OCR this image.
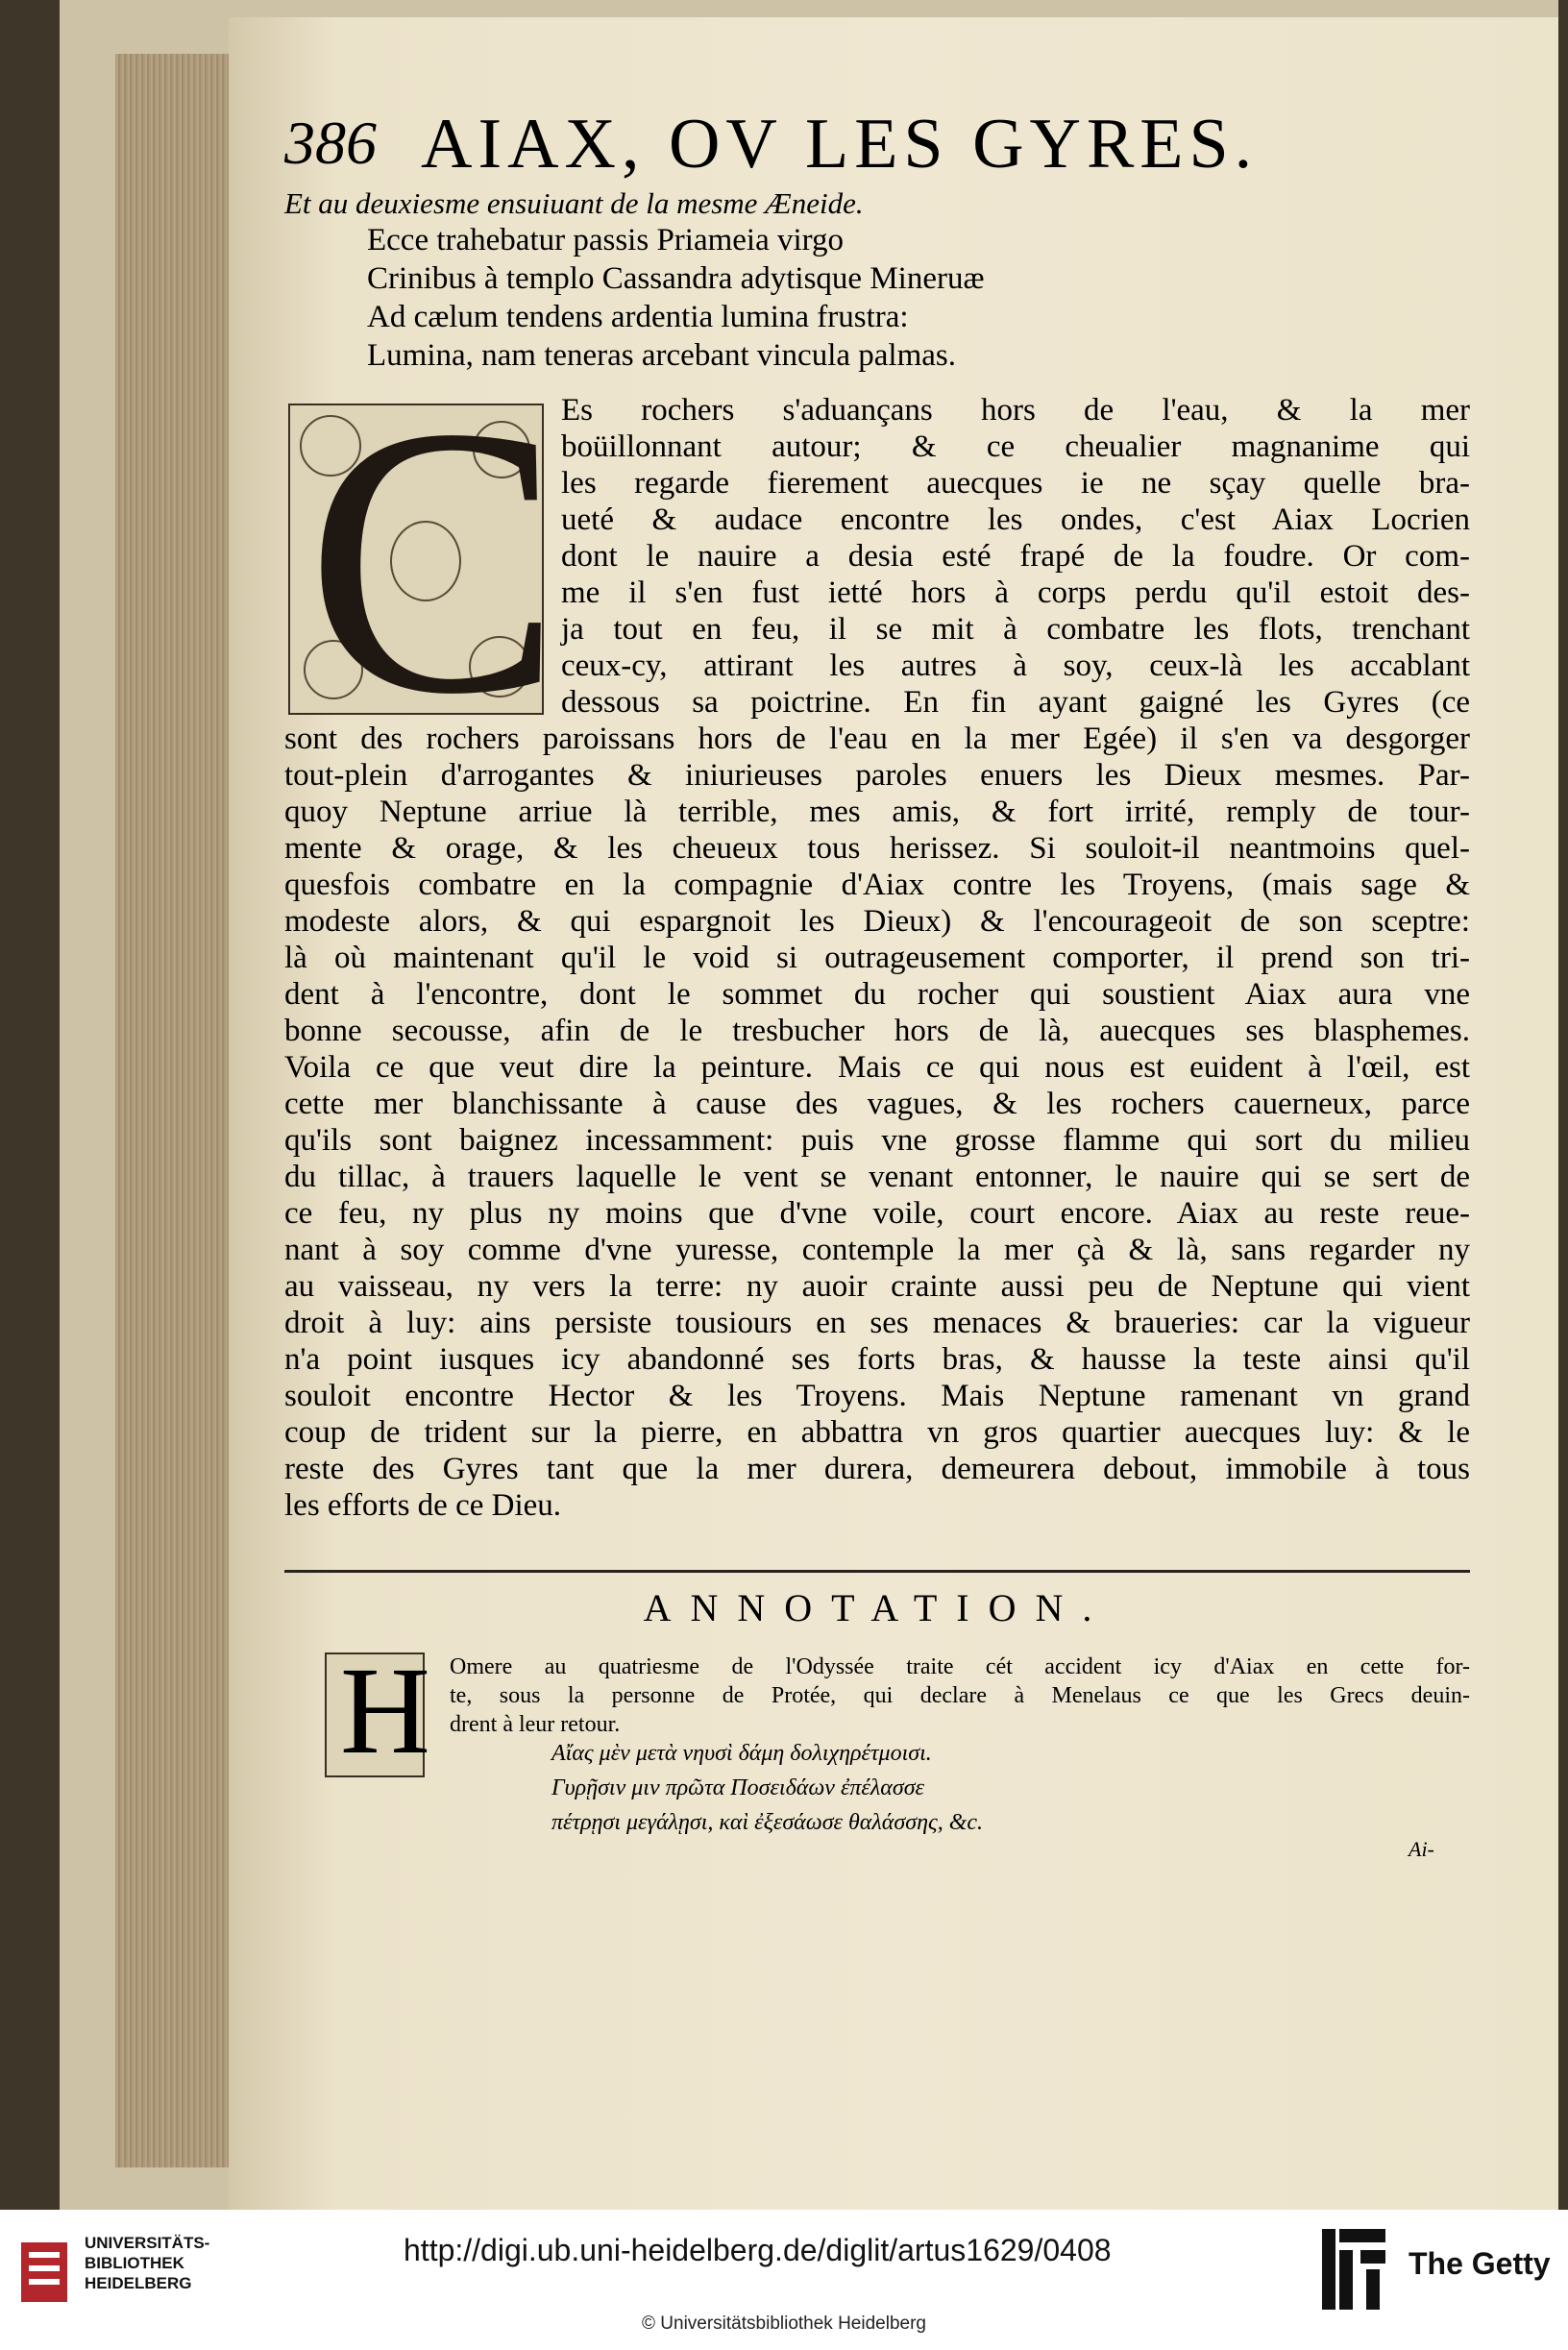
386 AIAX, OV LES GYRES.
Et au deuxiesme ensuiuant de la mesme Æneide.
Ecce trahebatur passis Priameia virgo
Crinibus à templo Cassandra adytisque Mineruæ
Ad cælum tendens ardentia lumina frustra:
Lumina, nam teneras arcebant vincula palmas.
C Es rochers s'aduançans hors de l'eau, & la mer
boüillonnant autour; & ce cheualier magnanime qui
les regarde fierement auecques ie ne sçay quelle bra-
ueté & audace encontre les ondes, c'est Aiax Locrien
dont le nauire a desia esté frapé de la foudre. Or com-
me il s'en fust ietté hors à corps perdu qu'il estoit des-
ja tout en feu, il se mit à combatre les flots, trenchant
ceux-cy, attirant les autres à soy, ceux-là les accablant
dessous sa poictrine. En fin ayant gaigné les Gyres (ce
sont des rochers paroissans hors de l'eau en la mer Egée) il s'en va desgorger
tout-plein d'arrogantes & iniurieuses paroles enuers les Dieux mesmes. Par-
quoy Neptune arriue là terrible, mes amis, & fort irrité, remply de tour-
mente & orage, & les cheueux tous herissez. Si souloit-il neantmoins quel-
quesfois combatre en la compagnie d'Aiax contre les Troyens, (mais sage &
modeste alors, & qui espargnoit les Dieux) & l'encourageoit de son sceptre:
là où maintenant qu'il le void si outrageusement comporter, il prend son tri-
dent à l'encontre, dont le sommet du rocher qui soustient Aiax aura vne
bonne secousse, afin de le tresbucher hors de là, auecques ses blasphemes.
Voila ce que veut dire la peinture. Mais ce qui nous est euident à l'œil, est
cette mer blanchissante à cause des vagues, & les rochers cauerneux, parce
qu'ils sont baignez incessamment: puis vne grosse flamme qui sort du milieu
du tillac, à trauers laquelle le vent se venant entonner, le nauire qui se sert de
ce feu, ny plus ny moins que d'vne voile, court encore. Aiax au reste reue-
nant à soy comme d'vne yuresse, contemple la mer çà & là, sans regarder ny
au vaisseau, ny vers la terre: ny auoir crainte aussi peu de Neptune qui vient
droit à luy: ains persiste tousiours en ses menaces & braueries: car la vigueur
n'a point iusques icy abandonné ses forts bras, & hausse la teste ainsi qu'il
souloit encontre Hector & les Troyens. Mais Neptune ramenant vn grand
coup de trident sur la pierre, en abbattra vn gros quartier auecques luy: & le
reste des Gyres tant que la mer durera, demeurera debout, immobile à tous
les efforts de ce Dieu.
ANNOTATION.
H Omere au quatriesme de l'Odyssée traite cét accident icy d'Aiax en cette for-
te, sous la personne de Protée, qui declare à Menelaus ce que les Grecs deuin-
drent à leur retour.
Αἴας μὲν μετὰ νηυσὶ δάμη δολιχηρέτμοισι.
Γυρῇσιν μιν πρῶτα Ποσειδάων ἐπέλασσε
πέτρῃσι μεγάλῃσι, καὶ ἐξεσάωσε θαλάσσης, &c.
Ai-
UNIVERSITÄTS-
BIBLIOTHEK
HEIDELBERG
http://digi.ub.uni-heidelberg.de/diglit/artus1629/0408	The Getty
© Universitätsbibliothek Heidelberg
